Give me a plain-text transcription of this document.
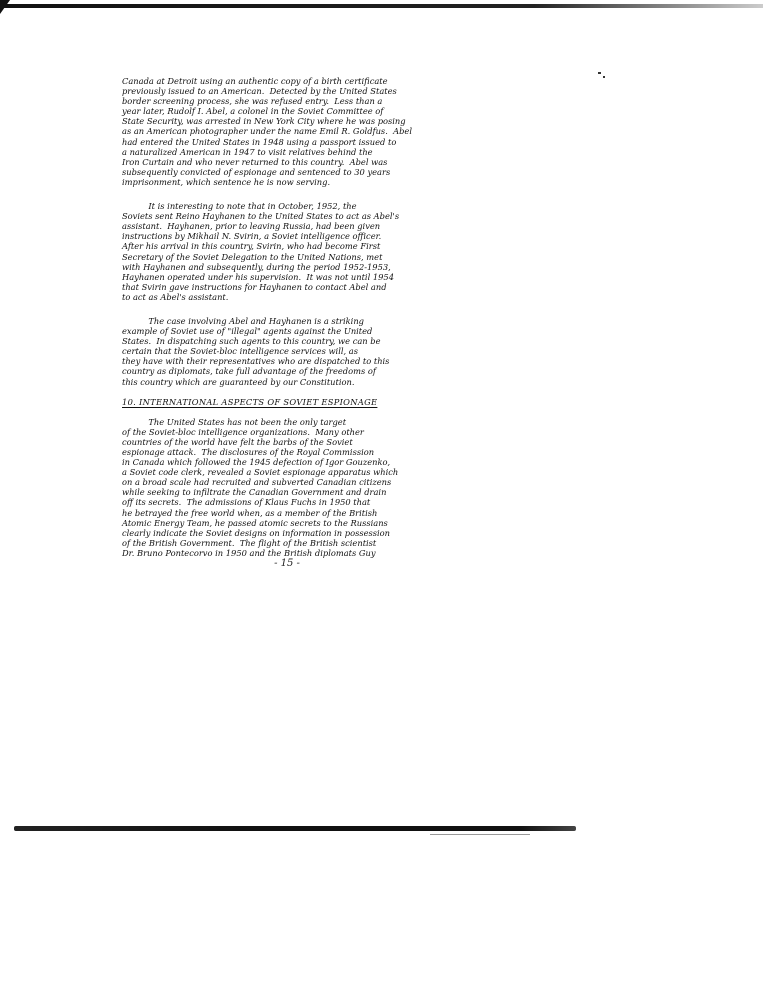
Canada at Detroit using an authentic copy of a birth certificate
previously issued to an American.  Detected by the United States
border screening process, she was refused entry.  Less than a
year later, Rudolf I. Abel, a colonel in the Soviet Committee of
State Security, was arrested in New York City where he was posing
as an American photographer under the name Emil R. Goldfus.  Abel
had entered the United States in 1948 using a passport issued to
a naturalized American in 1947 to visit relatives behind the
Iron Curtain and who never returned to this country.  Abel was
subsequently convicted of espionage and sentenced to 30 years
imprisonment, which sentence he is now serving.
It is interesting to note that in October, 1952, the
Soviets sent Reino Hayhanen to the United States to act as Abel's
assistant.  Hayhanen, prior to leaving Russia, had been given
instructions by Mikhail N. Svirin, a Soviet intelligence officer.
After his arrival in this country, Svirin, who had become First
Secretary of the Soviet Delegation to the United Nations, met
with Hayhanen and subsequently, during the period 1952-1953,
Hayhanen operated under his supervision.  It was not until 1954
that Svirin gave instructions for Hayhanen to contact Abel and
to act as Abel's assistant.
The case involving Abel and Hayhanen is a striking
example of Soviet use of "illegal" agents against the United
States.  In dispatching such agents to this country, we can be
certain that the Soviet-bloc intelligence services will, as
they have with their representatives who are dispatched to this
country as diplomats, take full advantage of the freedoms of
this country which are guaranteed by our Constitution.
10. INTERNATIONAL ASPECTS OF SOVIET ESPIONAGE
The United States has not been the only target
of the Soviet-bloc intelligence organizations.  Many other
countries of the world have felt the barbs of the Soviet
espionage attack.  The disclosures of the Royal Commission
in Canada which followed the 1945 defection of Igor Gouzenko,
a Soviet code clerk, revealed a Soviet espionage apparatus which
on a broad scale had recruited and subverted Canadian citizens
while seeking to infiltrate the Canadian Government and drain
off its secrets.  The admissions of Klaus Fuchs in 1950 that
he betrayed the free world when, as a member of the British
Atomic Energy Team, he passed atomic secrets to the Russians
clearly indicate the Soviet designs on information in possession
of the British Government.  The flight of the British scientist
Dr. Bruno Pontecorvo in 1950 and the British diplomats Guy
- 15 -
